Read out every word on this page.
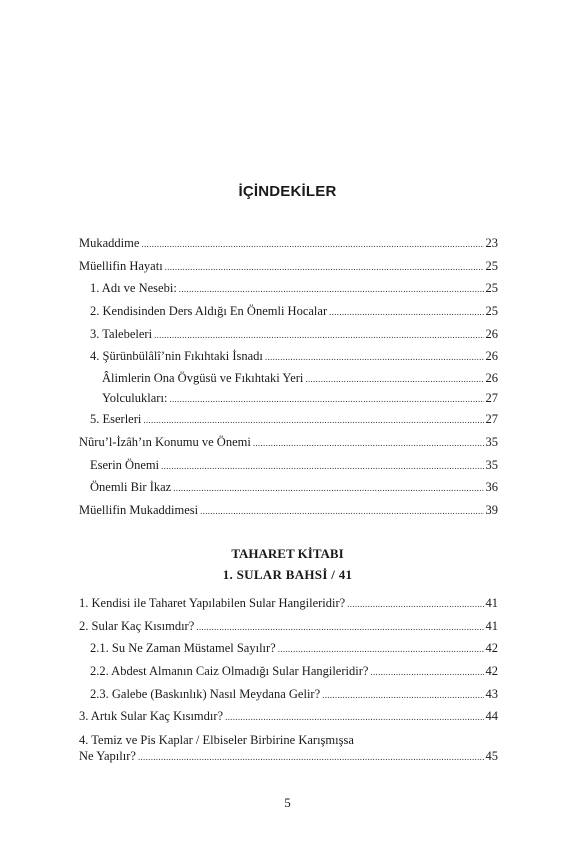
İÇİNDEKİLER
Mukaddime .....	23
Müellifin Hayatı .....	25
1. Adı ve Nesebi: .....	25
2. Kendisinden Ders Aldığı En Önemli Hocalar .....	25
3. Talebeleri .....	26
4. Şürünbülâlî’nin Fıkıhtaki İsnadı .....	26
Âlimlerin Ona Övgüsü ve Fıkıhtaki Yeri .....	26
Yolculukları: .....	27
5. Eserleri .....	27
Nûru’l-İzâh’ın Konumu ve Önemi .....	35
Eserin Önemi .....	35
Önemli Bir İkaz .....	36
Müellifin Mukaddimesi .....	39
TAHARET KİTABI
1. SULAR BAHSİ / 41
1. Kendisi ile Taharet Yapılabilen Sular Hangileridir? .....	41
2. Sular Kaç Kısımdır? .....	41
2.1. Su Ne Zaman Müstamel Sayılır? .....	42
2.2. Abdest Almanın Caiz Olmadığı Sular Hangileridir? .....	42
2.3. Galebe (Baskınlık) Nasıl Meydana Gelir? .....	43
3. Artık Sular Kaç Kısımdır? .....	44
4. Temiz ve Pis Kaplar / Elbiseler Birbirine Karışmışsa
Ne Yapılır? .....	45
5
